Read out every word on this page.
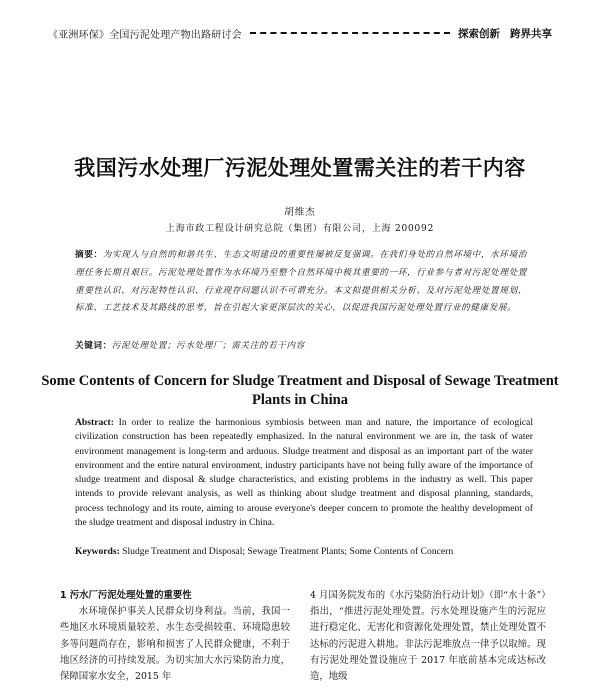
《亚洲环保》全国污泥处理产物出路研讨会	探索创新 跨界共享
我国污水处理厂污泥处理处置需关注的若干内容
胡维杰
上海市政工程设计研究总院（集团）有限公司，上海 200092
摘要：为实现人与自然的和谐共生、生态文明建设的重要性屡被反复强调。在我们身处的自然环境中，水环境治理任务长期且艰巨。污泥处理处置作为水环境乃至整个自然环境中极其重要的一环，行业参与者对污泥处理处置重要性认识、对污泥特性认识、行业现存问题认识不可谓充分。本文拟提供相关分析、及对污泥处理处置规划、标准、工艺技术及其路线的思考，旨在引起大家更深层次的关心，以促进我国污泥处理处置行业的健康发展。
关键词：污泥处理处置；污水处理厂；需关注的若干内容
Some Contents of Concern for Sludge Treatment and Disposal of Sewage Treatment Plants in China
Abstract: In order to realize the harmonious symbiosis between man and nature, the importance of ecological civilization construction has been repeatedly emphasized. In the natural environment we are in, the task of water environment management is long-term and arduous. Sludge treatment and disposal as an important part of the water environment and the entire natural environment, industry participants have not being fully aware of the importance of sludge treatment and disposal & sludge characteristics, and existing problems in the industry as well. This paper intends to provide relevant analysis, as well as thinking about sludge treatment and disposal planning, standards, process technology and its route, aiming to arouse everyone's deeper concern to promote the healthy development of the sludge treatment and disposal industry in China.
Keywords: Sludge Treatment and Disposal; Sewage Treatment Plants; Some Contents of Concern
1 污水厂污泥处理处置的重要性
水环境保护事关人民群众切身利益。当前，我国一些地区水环境质量较差、水生态受损较重、环境隐患较多等问题尚存在，影响和损害了人民群众健康，不利于地区经济的可持续发展。为切实加大水污染防治力度，保障国家水安全，2015 年
4 月国务院发布的《水污染防治行动计划》（即“水十条”）指出，“推进污泥处理处置。污水处理设施产生的污泥应进行稳定化、无害化和资源化处理处置，禁止处理处置不达标的污泥进入耕地。非法污泥堆放点一律予以取缔。现有污泥处理处置设施应于 2017 年底前基本完成达标改造，地级
